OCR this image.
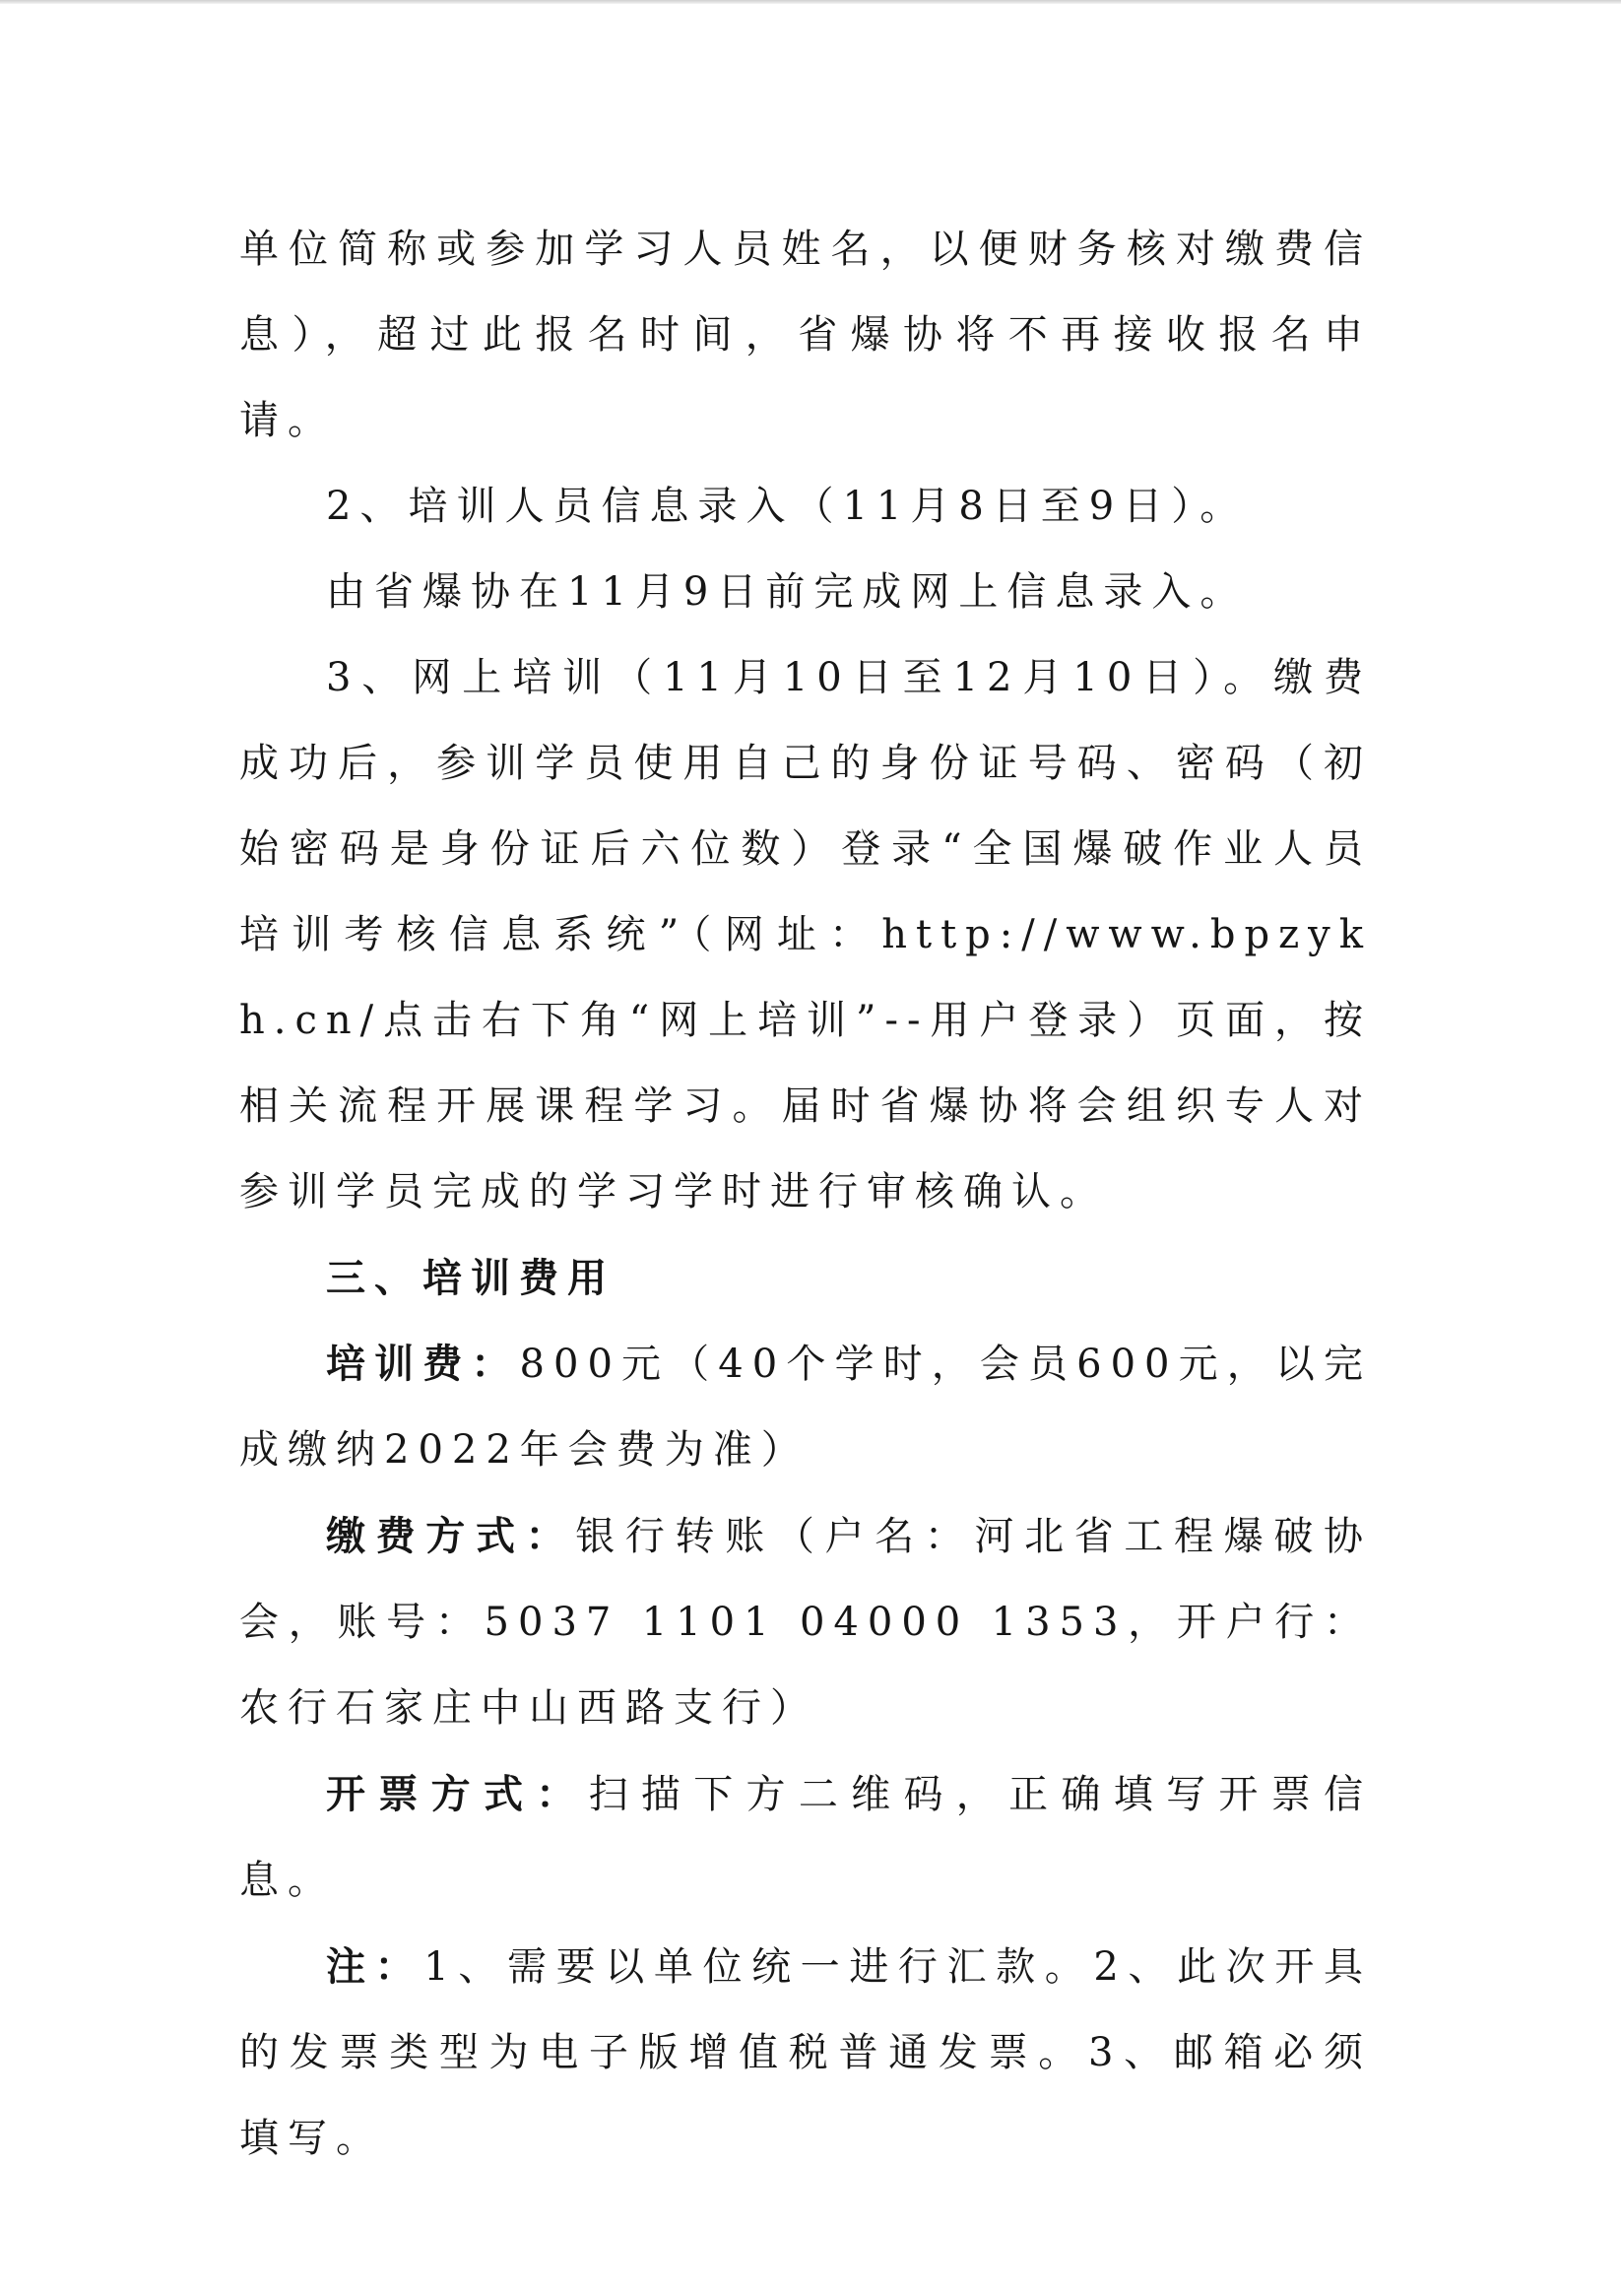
单位简称或参加学习人员姓名，以便财务核对缴费信息），超过此报名时间，省爆协将不再接收报名申请。

2、培训人员信息录入（11月8日至9日）。

由省爆协在11月9日前完成网上信息录入。

3、网上培训（11月10日至12月10日）。缴费成功后，参训学员使用自己的身份证号码、密码（初始密码是身份证后六位数）登录“全国爆破作业人员培训考核信息系统”（网址：http://www.bpzykh.cn/点击右下角“网上培训”--用户登录）页面，按相关流程开展课程学习。届时省爆协将会组织专人对参训学员完成的学习学时进行审核确认。

三、培训费用

培训费：800元（40个学时，会员600元，以完成缴纳2022年会费为准）

缴费方式：银行转账（户名：河北省工程爆破协会，账号：5037 1101 04000 1353，开户行：农行石家庄中山西路支行）

开票方式：扫描下方二维码，正确填写开票信息。

注：1、需要以单位统一进行汇款。2、此次开具的发票类型为电子版增值税普通发票。3、邮箱必须填写。
